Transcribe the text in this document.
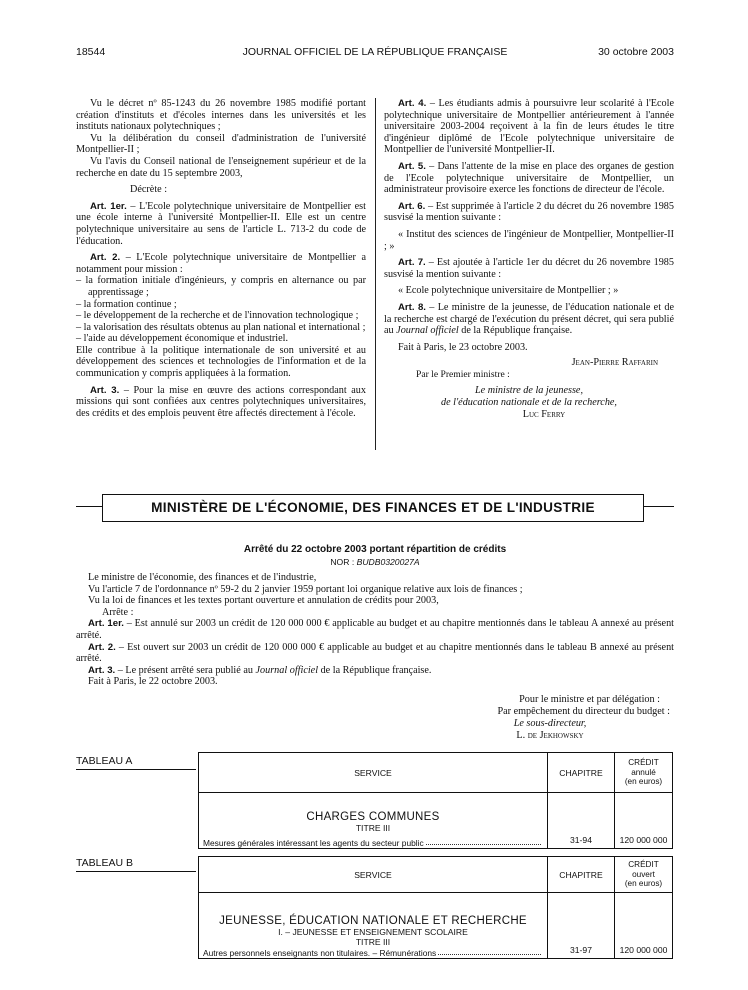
18544	JOURNAL OFFICIEL DE LA RÉPUBLIQUE FRANÇAISE	30 octobre 2003

Vu le décret nº 85-1243 du 26 novembre 1985 modifié portant création d'instituts et d'écoles internes dans les universités et les instituts nationaux polytechniques ;

Vu la délibération du conseil d'administration de l'université Montpellier-II ;

Vu l'avis du Conseil national de l'enseignement supérieur et de la recherche en date du 15 septembre 2003,

Décrète :

Art. 1er. – L'Ecole polytechnique universitaire de Montpellier est une école interne à l'université Montpellier-II. Elle est un centre polytechnique universitaire au sens de l'article L. 713-2 du code de l'éducation.

Art. 2. – L'Ecole polytechnique universitaire de Montpellier a notamment pour mission :

– la formation initiale d'ingénieurs, y compris en alternance ou par apprentissage ;

– la formation continue ;

– le développement de la recherche et de l'innovation technologique ;

– la valorisation des résultats obtenus au plan national et international ;

– l'aide au développement économique et industriel.

Elle contribue à la politique internationale de son université et au développement des sciences et technologies de l'information et de la communication y compris appliquées à la formation.

Art. 3. – Pour la mise en œuvre des actions correspondant aux missions qui sont confiées aux centres polytechniques universitaires, des crédits et des emplois peuvent être affectés directement à l'école.

Art. 4. – Les étudiants admis à poursuivre leur scolarité à l'Ecole polytechnique universitaire de Montpellier antérieurement à l'année universitaire 2003-2004 reçoivent à la fin de leurs études le titre d'ingénieur diplômé de l'Ecole polytechnique universitaire de Montpellier de l'université Montpellier-II.

Art. 5. – Dans l'attente de la mise en place des organes de gestion de l'Ecole polytechnique universitaire de Montpellier, un administrateur provisoire exerce les fonctions de directeur de l'école.

Art. 6. – Est supprimée à l'article 2 du décret du 26 novembre 1985 susvisé la mention suivante :

« Institut des sciences de l'ingénieur de Montpellier, Montpellier-II ; »

Art. 7. – Est ajoutée à l'article 1er du décret du 26 novembre 1985 susvisé la mention suivante :

« Ecole polytechnique universitaire de Montpellier ; »

Art. 8. – Le ministre de la jeunesse, de l'éducation nationale et de la recherche est chargé de l'exécution du présent décret, qui sera publié au Journal officiel de la République française.

Fait à Paris, le 23 octobre 2003.

Jean-Pierre Raffarin

Par le Premier ministre :

Le ministre de la jeunesse,

de l'éducation nationale et de la recherche,

Luc Ferry

MINISTÈRE DE L'ÉCONOMIE, DES FINANCES ET DE L'INDUSTRIE
Arrêté du 22 octobre 2003 portant répartition de crédits
NOR : BUDB0320027A

Le ministre de l'économie, des finances et de l'industrie,

Vu l'article 7 de l'ordonnance nº 59-2 du 2 janvier 1959 portant loi organique relative aux lois de finances ;

Vu la loi de finances et les textes portant ouverture et annulation de crédits pour 2003,

Arrête :

Art. 1er. – Est annulé sur 2003 un crédit de 120 000 000 € applicable au budget et au chapitre mentionnés dans le tableau A annexé au présent arrêté.

Art. 2. – Est ouvert sur 2003 un crédit de 120 000 000 € applicable au budget et au chapitre mentionnés dans le tableau B annexé au présent arrêté.

Art. 3. – Le présent arrêté sera publié au Journal officiel de la République française.

Fait à Paris, le 22 octobre 2003.

Pour le ministre et par délégation :
Par empêchement du directeur du budget :
Le sous-directeur,
L. de Jekhowsky
TABLEAU A
SERVICE	CHAPITRE	CRÉDIT
annulé
(en euros)

CHARGES COMMUNES
TITRE III
Mesures générales intéressant les agents du secteur public	31-94	120 000 000
TABLEAU B
SERVICE	CHAPITRE	CRÉDIT
ouvert
(en euros)

JEUNESSE, ÉDUCATION NATIONALE ET RECHERCHE
I. – JEUNESSE ET ENSEIGNEMENT SCOLAIRE
TITRE III
Autres personnels enseignants non titulaires. – Rémunérations	31-97	120 000 000
